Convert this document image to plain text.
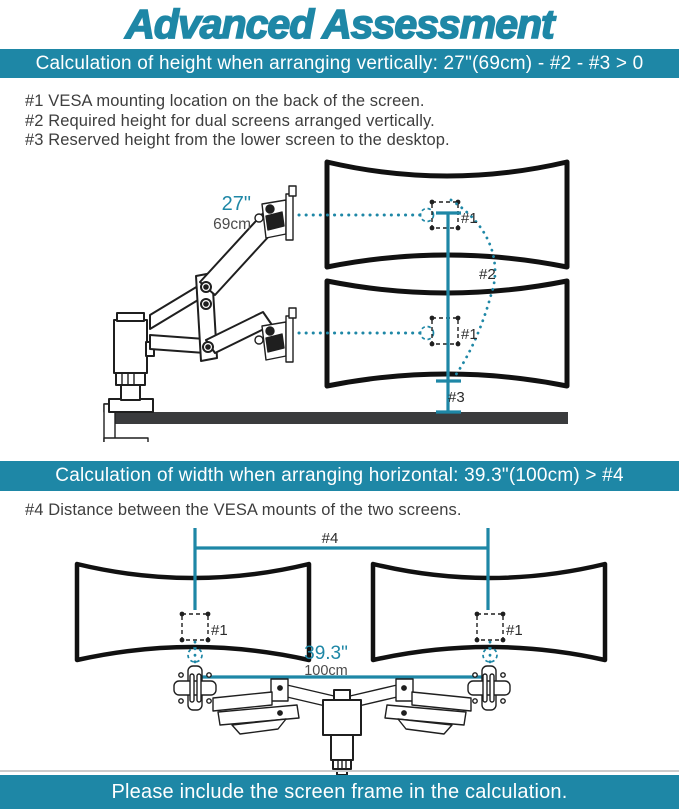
Advanced Assessment
Calculation of height when arranging vertically: 27"(69cm) - #2 - #3 > 0
#1 VESA mounting location on the back of the screen.
#2 Required height for dual screens arranged vertically.
#3 Reserved height from the lower screen to the desktop.
#1
#2
#1
#3
27"
69cm
Calculation of width when arranging horizontal: 39.3"(100cm) > #4
#4 Distance between the VESA mounts of the two screens.
#4
#1	#1
39.3"
100cm
Please include the screen frame in the calculation.
